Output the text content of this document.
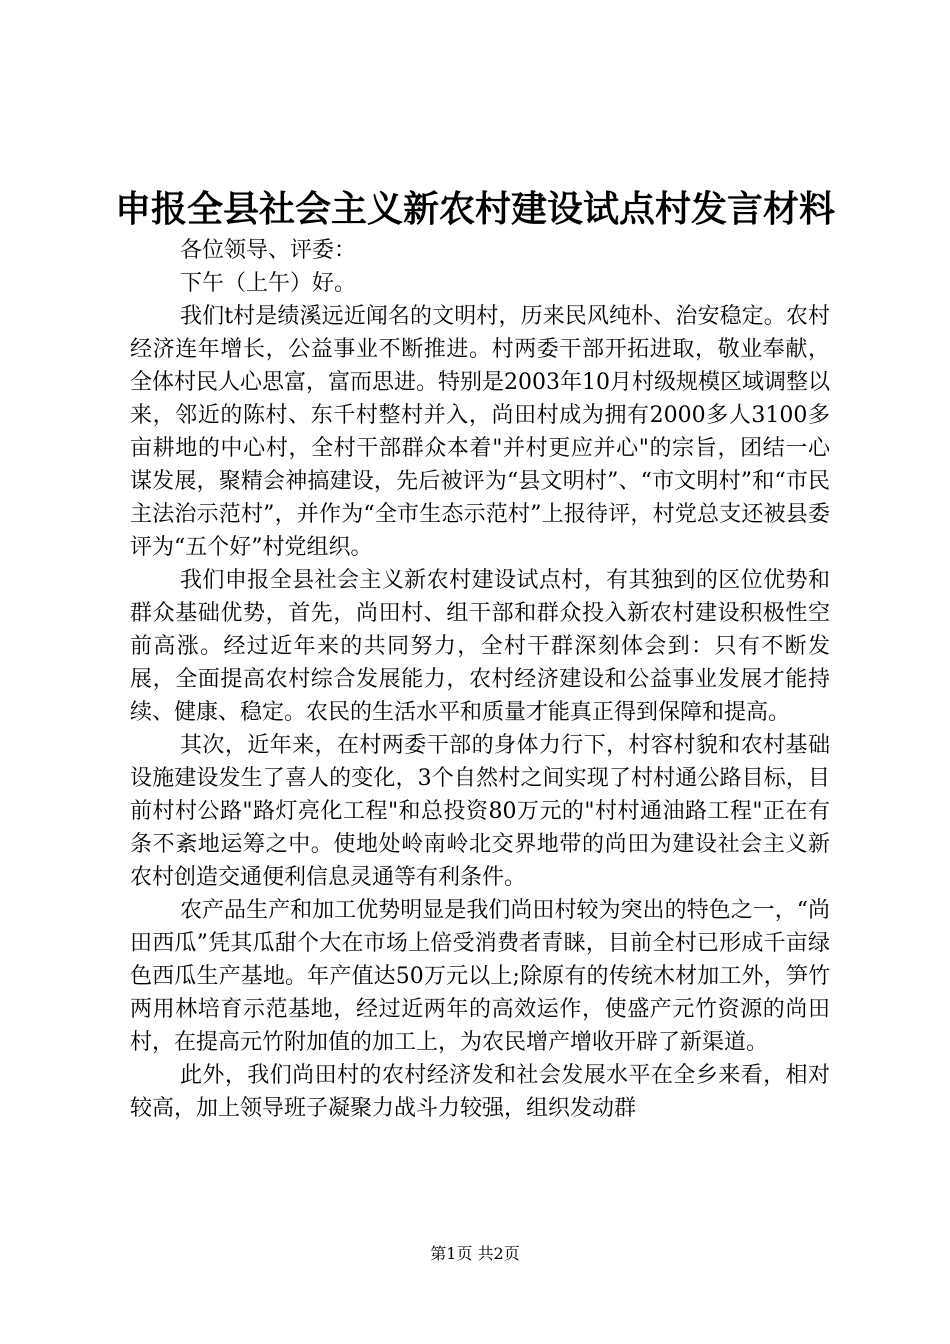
申报全县社会主义新农村建设试点村发言材料

各位领导、评委：

下午（上午）好。

我们t村是绩溪远近闻名的文明村，历来民风纯朴、治安稳定。农村经济连年增长，公益事业不断推进。村两委干部开拓进取，敬业奉献，全体村民人心思富，富而思进。特别是2003年10月村级规模区域调整以来，邻近的陈村、东千村整村并入，尚田村成为拥有2000多人3100多亩耕地的中心村，全村干部群众本着"并村更应并心"的宗旨，团结一心谋发展，聚精会神搞建设，先后被评为“县文明村”、“市文明村”和“市民主法治示范村”，并作为“全市生态示范村”上报待评，村党总支还被县委评为“五个好”村党组织。

我们申报全县社会主义新农村建设试点村，有其独到的区位优势和群众基础优势，首先，尚田村、组干部和群众投入新农村建设积极性空前高涨。经过近年来的共同努力，全村干群深刻体会到：只有不断发展，全面提高农村综合发展能力，农村经济建设和公益事业发展才能持续、健康、稳定。农民的生活水平和质量才能真正得到保障和提高。

其次，近年来，在村两委干部的身体力行下，村容村貌和农村基础设施建设发生了喜人的变化，3个自然村之间实现了村村通公路目标，目前村村公路"路灯亮化工程"和总投资80万元的"村村通油路工程"正在有条不紊地运筹之中。使地处岭南岭北交界地带的尚田为建设社会主义新农村创造交通便利信息灵通等有利条件。

农产品生产和加工优势明显是我们尚田村较为突出的特色之一，“尚田西瓜”凭其瓜甜个大在市场上倍受消费者青睐，目前全村已形成千亩绿色西瓜生产基地。年产值达50万元以上;除原有的传统木材加工外，笋竹两用林培育示范基地，经过近两年的高效运作，使盛产元竹资源的尚田村，在提高元竹附加值的加工上，为农民增产增收开辟了新渠道。

此外，我们尚田村的农村经济发和社会发展水平在全乡来看，相对较高，加上领导班子凝聚力战斗力较强，组织发动群

第1页 共2页
